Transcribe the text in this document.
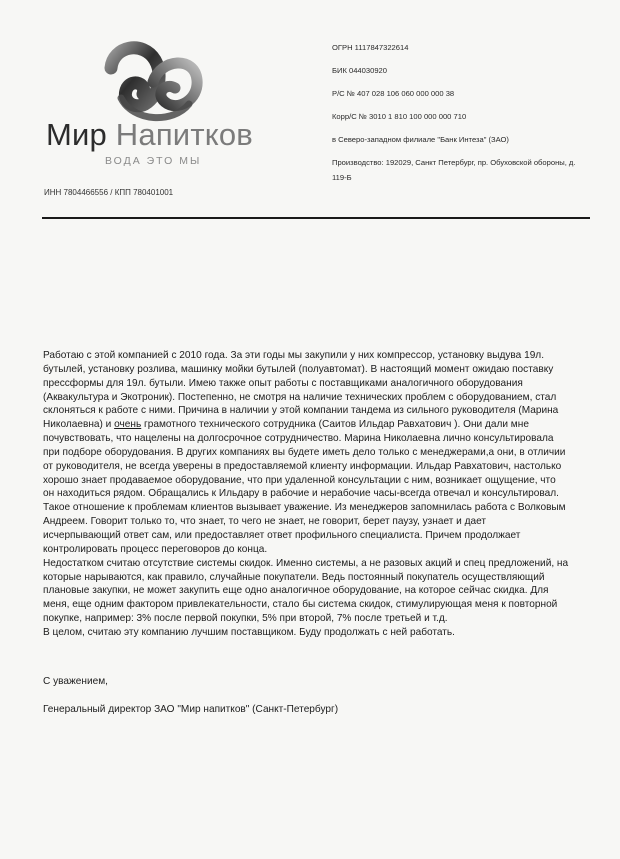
Мир Напитков
ВОДА ЭТО МЫ
ИНН 7804466556 / КПП 780401001
ОГРН 1117847322614
БИК 044030920
Р/С № 407 028 106 060 000 000 38
Корр/С № 3010 1 810 100 000 000 710
в Северо-западном филиале "Банк Интеза" (ЗАО)
Производство: 192029, Санкт Петербург, пр. Обуховской обороны, д. 119-Б
Работаю с этой компанией с 2010 года. За эти годы мы закупили у них компрессор, установку выдува 19л.
бутылей, установку розлива, машинку мойки бутылей (полуавтомат). В настоящий момент ожидаю поставку
прессформы для 19л. бутыли. Имею также опыт работы с поставщиками аналогичного оборудования
(Аквакультура и Экотроник). Постепенно, не смотря на наличие технических проблем с оборудованием, стал
склоняться к работе с ними. Причина в наличии у этой компании тандема из сильного руководителя (Марина
Николаевна) и очень грамотного технического сотрудника (Саитов Ильдар Равхатович ). Они дали мне
почувствовать, что нацелены на долгосрочное сотрудничество. Марина Николаевна лично консультировала
при подборе оборудования. В других компаниях вы будете иметь дело только с менеджерами,а они, в отличии
от руководителя, не всегда уверены в предоставляемой клиенту информации. Ильдар Равхатович, настолько
хорошо знает продаваемое оборудование, что при удаленной консультации с ним, возникает ощущение, что
он находиться рядом. Обращались к Ильдару в рабочие и нерабочие часы-всегда отвечал и консультировал.
Такое отношение к проблемам клиентов вызывает уважение. Из менеджеров запомнилась работа с Волковым
Андреем. Говорит только то, что знает, то чего не знает, не говорит, берет паузу, узнает и дает
исчерпывающий ответ сам, или предоставляет ответ профильного специалиста. Причем продолжает
контролировать процесс переговоров до конца.
Недостатком считаю отсутствие системы скидок. Именно системы, а не разовых акций и спец предложений, на
которые нарываются, как правило, случайные покупатели. Ведь постоянный покупатель осуществляющий
плановые закупки, не может закупить еще одно аналогичное оборудование, на которое сейчас скидка. Для
меня, еще одним фактором привлекательности, стало бы система скидок, стимулирующая меня к повторной
покупке, например: 3% после первой покупки, 5% при второй, 7% после третьей и т.д.
В целом, считаю эту компанию лучшим поставщиком. Буду продолжать с ней работать.
С уважением,
Генеральный директор ЗАО "Мир напитков" (Санкт-Петербург)
